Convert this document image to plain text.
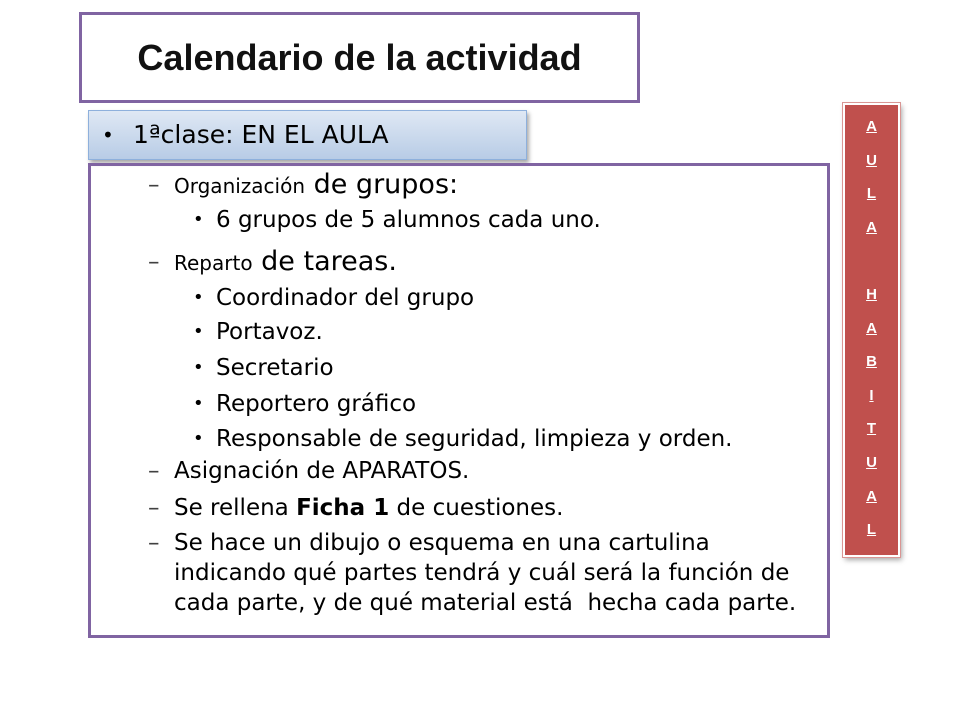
Calendario de la actividad
•
1ªclase: EN EL AULA
– Organización de grupos:
• 6 grupos de 5 alumnos cada uno.
– Reparto de tareas.
• Coordinador del grupo
• Portavoz.
• Secretario
• Reportero gráfico
• Responsable de seguridad, limpieza y orden.
– Asignación de APARATOS.
– Se rellena Ficha 1 de cuestiones.
– Se hace un dibujo o esquema en una cartulina indicando qué partes tendrá y cuál será la función de cada parte, y de qué material está  hecha cada parte.
A
U
L
A
H
A
B
I
T
U
A
L
